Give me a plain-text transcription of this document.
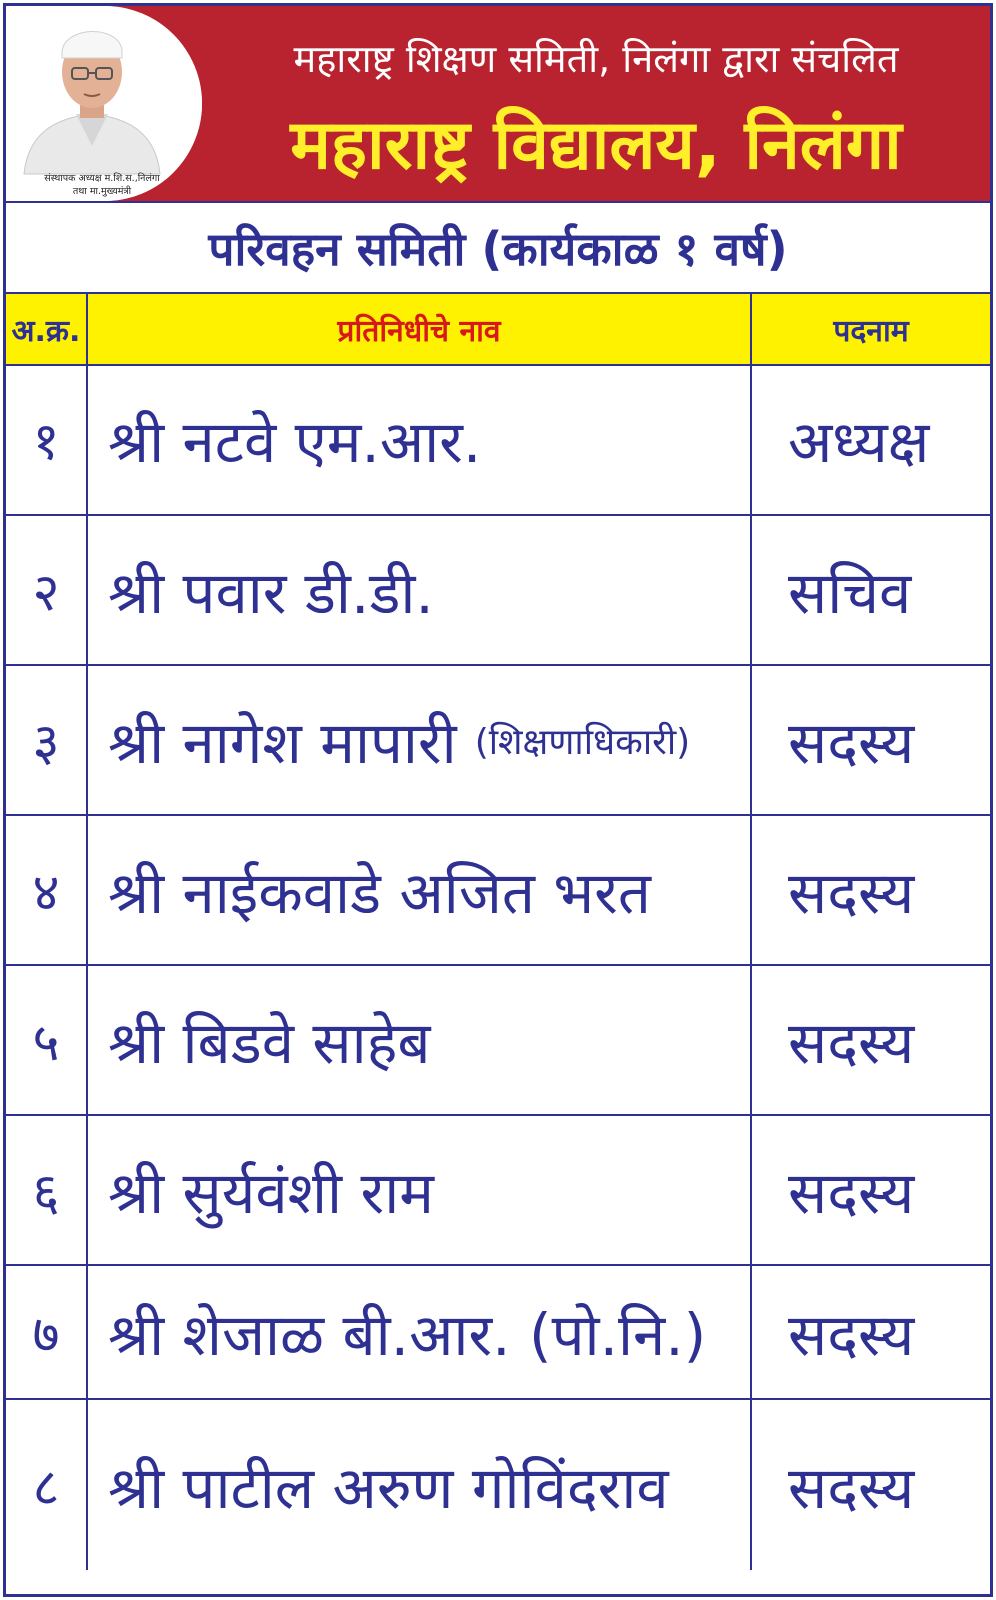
संस्थापक अध्यक्ष म.शि.स.,निलंगा
तथा मा.मुख्यमंत्री
महाराष्ट्र शिक्षण समिती, निलंगा द्वारा संचलित
महाराष्ट्र विद्यालय, निलंगा
परिवहन समिती (कार्यकाळ १ वर्ष)
अ.क्र.	प्रतिनिधीचे नाव	पदनाम
१ श्री नटवे एम.आर.	अध्यक्ष
२ श्री पवार डी.डी.	सचिव
३ श्री नागेश मापारी (शिक्षणाधिकारी)	सदस्य
४ श्री नाईकवाडे अजित भरत	सदस्य
५ श्री बिडवे साहेब	सदस्य
६ श्री सुर्यवंशी राम	सदस्य
७ श्री शेजाळ बी.आर. (पो.नि.)	सदस्य
८ श्री पाटील अरुण गोविंदराव	सदस्य
